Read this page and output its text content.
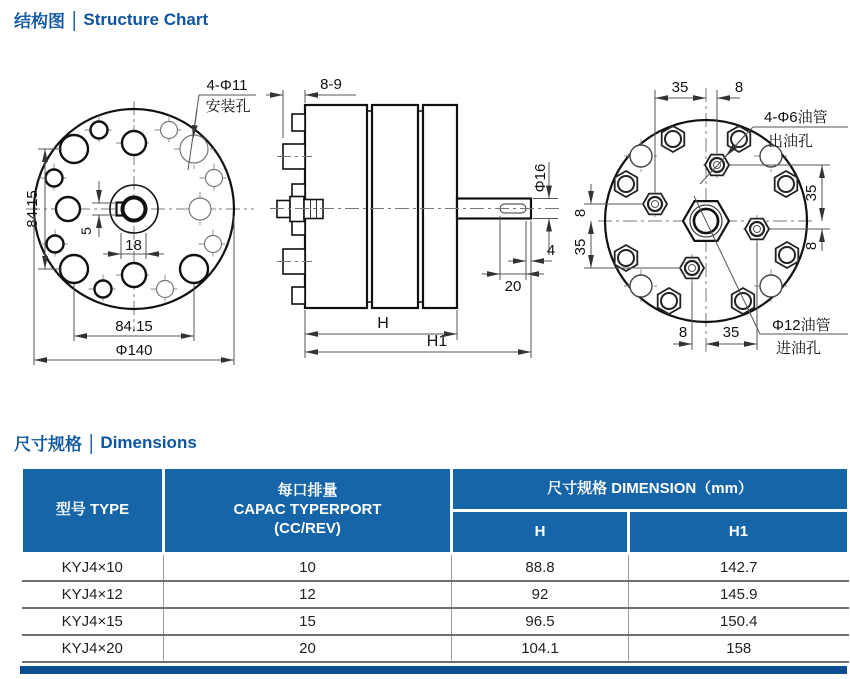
结构图 | Structure Chart
4-Φ11
安装孔
84.15
5
18
84.15
Φ140
8-9
Φ16
4
20
H
H1
35	8
35
8
8
35
8 35
4-Φ6油管
出油孔
Φ12油管
进油孔
尺寸规格 | Dimensions
型号 TYPE	每口排量
CAPAC TYPERPORT
(CC/REV)	尺寸规格 DIMENSION（mm）	
		H	H1
KYJ4×10	10	88.8	142.7
KYJ4×12	12	92	145.9
KYJ4×15	15	96.5	150.4
KYJ4×20	20	104.1	158
